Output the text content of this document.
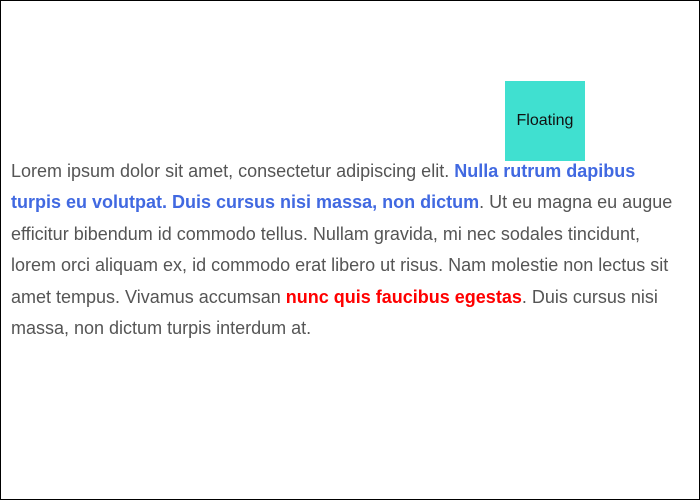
Floating

Lorem ipsum dolor sit amet, consectetur adipiscing elit. Nulla rutrum dapibus turpis eu volutpat. Duis cursus nisi massa, non dictum. Ut eu magna eu augue efficitur bibendum id commodo tellus. Nullam gravida, mi nec sodales tincidunt, lorem orci aliquam ex, id commodo erat libero ut risus. Nam molestie non lectus sit amet tempus. Vivamus accumsan nunc quis faucibus egestas. Duis cursus nisi massa, non dictum turpis interdum at.
